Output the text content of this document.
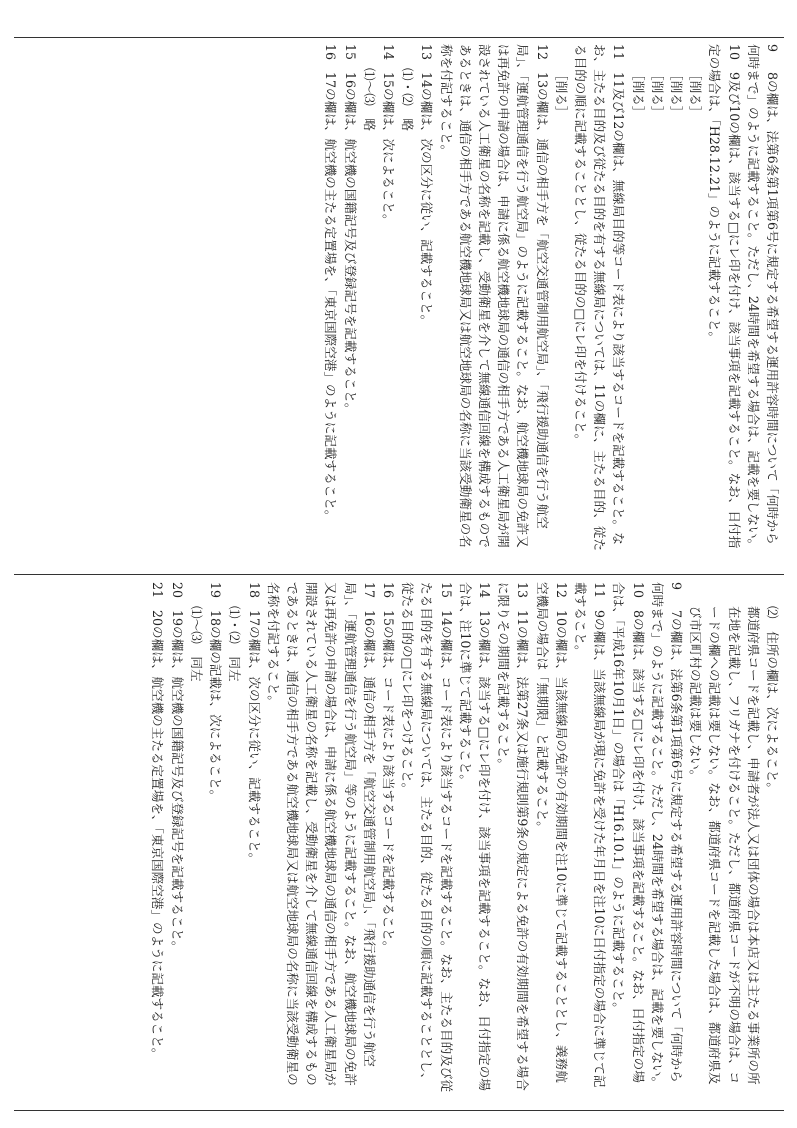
98の欄は、法第6条第1項第6号に規定する希望する運用許容時間について「何時から何時まで」のように記載すること。ただし、24時間を希望する場合は、記載を要しない。

109及び10の欄は、該当する□にレ印を付け、該当事項を記載すること。なお、日付指定の場合は、「H28.12.21」のように記載すること。

［削る］

［削る］

［削る］

［削る］

1111及び12の欄は、無線局目的等コード表により該当するコードを記載すること。なお、主たる目的及び従たる目的を有する無線局については、11の欄に、主たる目的、従たる目的の順に記載することとし、従たる目的の□にレ印を付けること。

［削る］

1213の欄は、通信の相手方を「航空交通管制用航空局」、「飛行援助通信を行う航空局」、「運航管理通信を行う航空局」のように記載すること。なお、航空機地球局の免許又は再免許の申請の場合は、申請に係る航空機地球局の通信の相手方である人工衛星局が開設されている人工衛星の名称を記載し、受動衛星を介して無線通信回線を構成するものであるときは、通信の相手方である航空機地球局又は航空地球局の名称に当該受動衛星の名称を付記すること。

1314の欄は、次の区分に従い、記載すること。

⑴・⑵　略

1415の欄は、次によること。

⑴～⑶　略

1516の欄は、航空機の国籍記号及び登録記号を記載すること。

1617の欄は、航空機の主たる定置場を、「東京国際空港」のように記載すること。

⑵　住所の欄は、次によること。

都道府県コードを記載し、申請者が法人又は団体の場合は本店又は主たる事業所の所在地を記載し、フリガナを付けること。ただし、都道府県コードが不明の場合は、コードの欄への記載は要しない。なお、都道府県コードを記載した場合は、都道府県及び市区町村の記載は要しない。

97の欄は、法第6条第1項第6号に規定する希望する運用許容時間について「何時から何時まで」のように記載すること。ただし、24時間を希望する場合は、記載を要しない。

108の欄は、該当する□にレ印を付け、該当事項を記載すること。なお、日付指定の場合は、「平成16年10月1日」の場合は「H16.10.1」のように記載すること。

119の欄は、当該無線局が現に免許を受けた年月日を注10に日付指定の場合に準じて記載すること。

1210の欄は、当該無線局の免許の有効期間を注10に準じて記載することとし、義務航空機局の場合は「無期限」と記載すること。

1311の欄は、法第27条又は施行規則第9条の規定による免許の有効期間を希望する場合に限りその期間を記載すること。

1413の欄は、該当する□にレ印を付け、該当事項を記載すること。なお、日付指定の場合は、注10に準じて記載すること。

1514の欄は、コード表により該当するコードを記載すること。なお、主たる目的及び従たる目的を有する無線局については、主たる目的、従たる目的の順に記載することとし、従たる目的の□にレ印をつけること。

1615の欄は、コード表により該当するコードを記載すること。

1716の欄は、通信の相手方を「航空交通管制用航空局」、「飛行援助通信を行う航空局」、「運航管理通信を行う航空局」等のように記載すること。なお、航空機地球局の免許又は再免許の申請の場合は、申請に係る航空機地球局の通信の相手方である人工衛星局が開設されている人工衛星の名称を記載し、受動衛星を介して無線通信回線を構成するものであるときは、通信の相手方である航空機地球局又は航空地球局の名称に当該受動衛星の名称を付記すること。

1817の欄は、次の区分に従い、記載すること。

⑴・⑵　同左

1918の欄の記載は、次によること。

⑴～⑶　同左

2019の欄は、航空機の国籍記号及び登録記号を記載すること。

2120の欄は、航空機の主たる定置場を、「東京国際空港」のように記載すること。
